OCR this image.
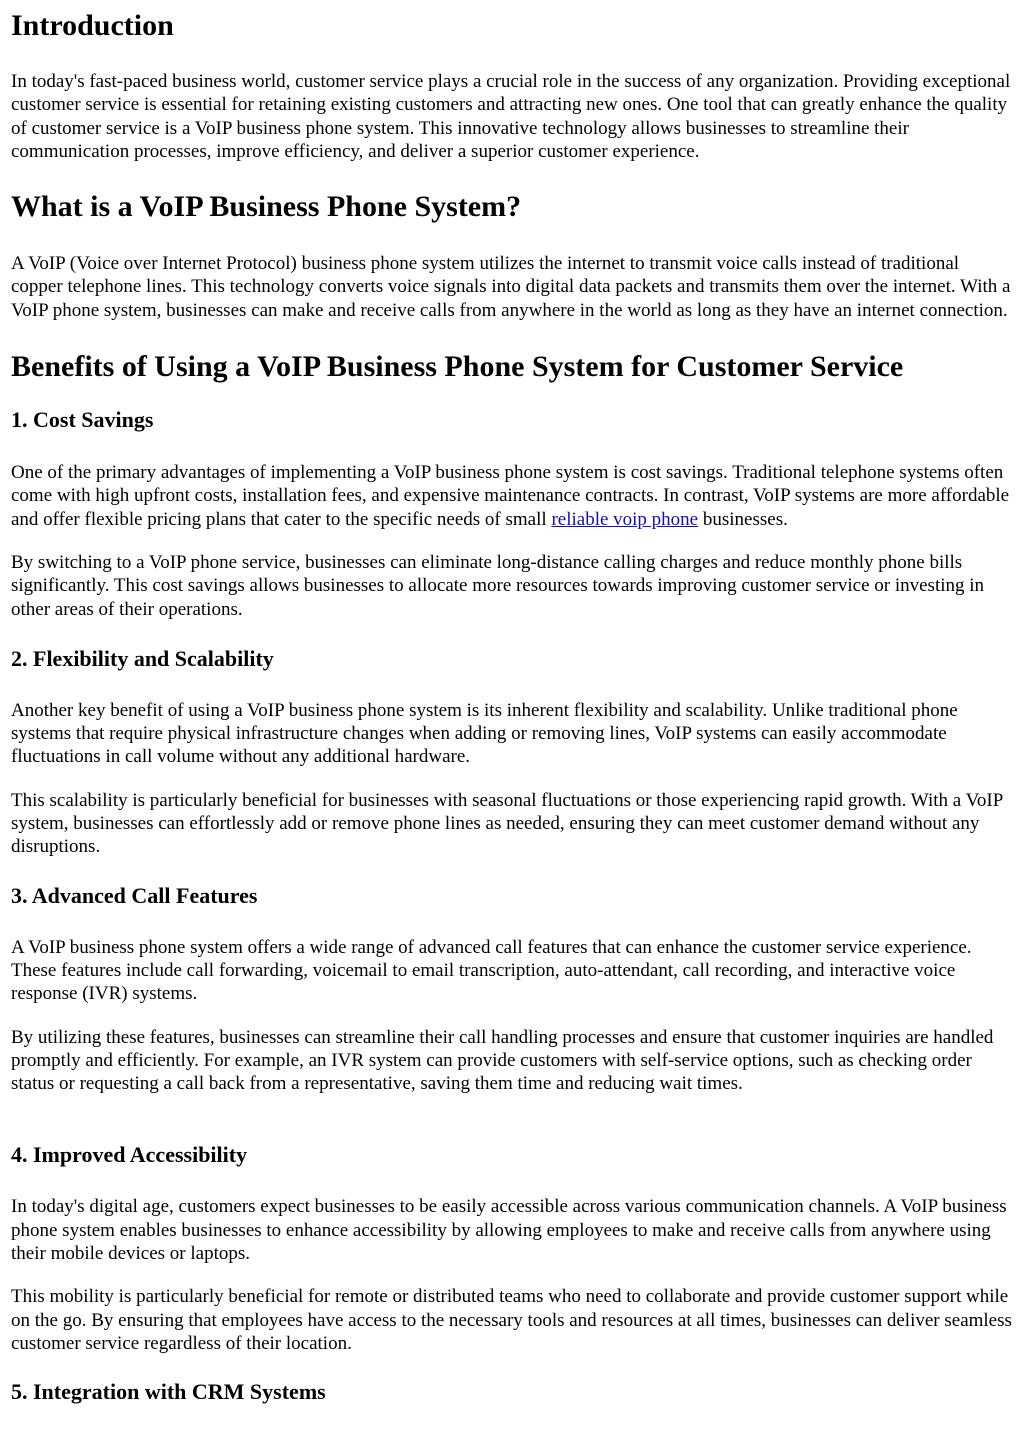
Introduction

In today's fast-paced business world, customer service plays a crucial role in the success of any organization. Providing exceptional customer service is essential for retaining existing customers and attracting new ones. One tool that can greatly enhance the quality of customer service is a VoIP business phone system. This innovative technology allows businesses to streamline their communication processes, improve efficiency, and deliver a superior customer experience.

What is a VoIP Business Phone System?

A VoIP (Voice over Internet Protocol) business phone system utilizes the internet to transmit voice calls instead of traditional copper telephone lines. This technology converts voice signals into digital data packets and transmits them over the internet. With a VoIP phone system, businesses can make and receive calls from anywhere in the world as long as they have an internet connection.

Benefits of Using a VoIP Business Phone System for Customer Service
1. Cost Savings

One of the primary advantages of implementing a VoIP business phone system is cost savings. Traditional telephone systems often come with high upfront costs, installation fees, and expensive maintenance contracts. In contrast, VoIP systems are more affordable and offer flexible pricing plans that cater to the specific needs of small reliable voip phone businesses.

By switching to a VoIP phone service, businesses can eliminate long-distance calling charges and reduce monthly phone bills significantly. This cost savings allows businesses to allocate more resources towards improving customer service or investing in other areas of their operations.

2. Flexibility and Scalability

Another key benefit of using a VoIP business phone system is its inherent flexibility and scalability. Unlike traditional phone systems that require physical infrastructure changes when adding or removing lines, VoIP systems can easily accommodate fluctuations in call volume without any additional hardware.

This scalability is particularly beneficial for businesses with seasonal fluctuations or those experiencing rapid growth. With a VoIP system, businesses can effortlessly add or remove phone lines as needed, ensuring they can meet customer demand without any disruptions.

3. Advanced Call Features

A VoIP business phone system offers a wide range of advanced call features that can enhance the customer service experience. These features include call forwarding, voicemail to email transcription, auto-attendant, call recording, and interactive voice response (IVR) systems.

By utilizing these features, businesses can streamline their call handling processes and ensure that customer inquiries are handled promptly and efficiently. For example, an IVR system can provide customers with self-service options, such as checking order status or requesting a call back from a representative, saving them time and reducing wait times.

4. Improved Accessibility

In today's digital age, customers expect businesses to be easily accessible across various communication channels. A VoIP business phone system enables businesses to enhance accessibility by allowing employees to make and receive calls from anywhere using their mobile devices or laptops.

This mobility is particularly beneficial for remote or distributed teams who need to collaborate and provide customer support while on the go. By ensuring that employees have access to the necessary tools and resources at all times, businesses can deliver seamless customer service regardless of their location.

5. Integration with CRM Systems
